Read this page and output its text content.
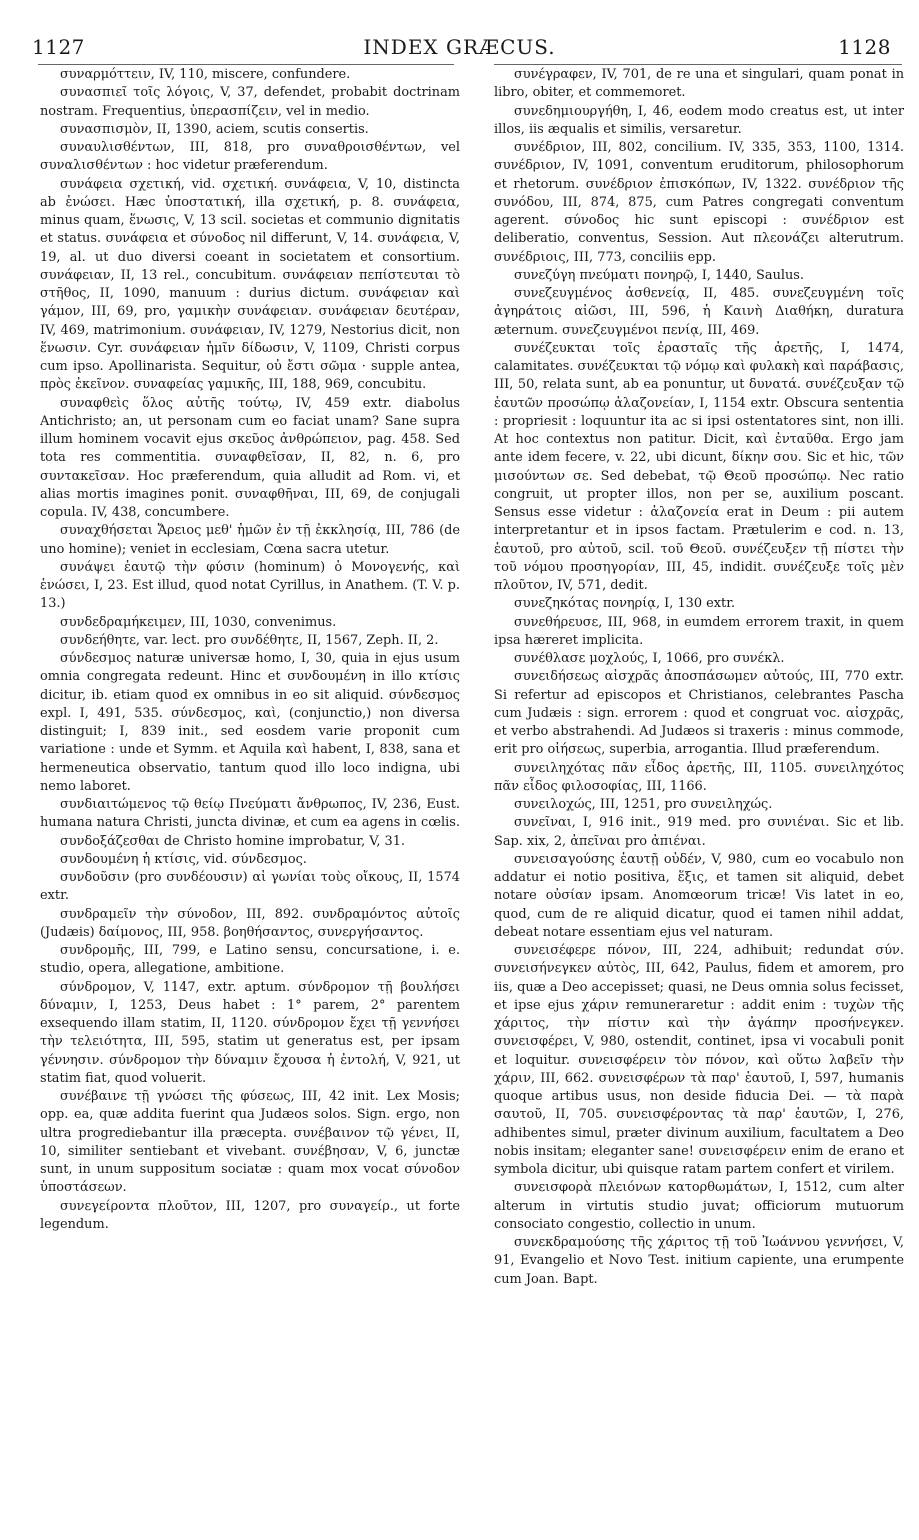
1127	INDEX GRÆCUS.	1128

συναρμόττειν, IV, 110, miscere, confundere.

συνασπιεῖ τοῖς λόγοις, V, 37, defendet, probabit doctrinam nostram. Frequentius, ὑπερασπίζειν, vel in medio.

συνασπισμὸν, II, 1390, aciem, scutis consertis.

συναυλισθέντων, III, 818, pro συναθροισθέντων, vel συναλισθέντων : hoc videtur præferendum.

συνάφεια σχετική, vid. σχετική. συνάφεια, V, 10, distincta ab ἑνώσει. Hæc ὑποστατική, illa σχετική, p. 8. συνάφεια, minus quam, ἕνωσις, V, 13 scil. societas et communio dignitatis et status. συνάφεια et σύνοδος nil differunt, V, 14. συνάφεια, V, 19, al. ut duo diversi coeant in societatem et consortium. συνάφειαν, II, 13 rel., concubitum. συνάφειαν πεπίστευται τὸ στῆθος, II, 1090, manuum : durius dictum. συνάφειαν καὶ γάμον, III, 69, pro, γαμικὴν συνάφειαν. συνάφειαν δευτέραν, IV, 469, matrimonium. συνάφειαν, IV, 1279, Nestorius dicit, non ἕνωσιν. Cyr. συνάφειαν ἡμῖν δίδωσιν, V, 1109, Christi corpus cum ipso. Apollinarista. Sequitur, οὐ ἔστι σῶμα · supple antea, πρὸς ἐκεῖνον. συναφείας γαμικῆς, III, 188, 969, concubitu.

συναφθεὶς ὅλος αὐτῆς τούτῳ, IV, 459 extr. diabolus Antichristo; an, ut personam cum eo faciat unam? Sane supra illum hominem vocavit ejus σκεῦος ἀνθρώπειον, pag. 458. Sed tota res commentitia. συναφθεῖσαν, II, 82, n. 6, pro συντακεῖσαν. Hoc præferendum, quia alludit ad Rom. vi, et alias mortis imagines ponit. συναφθῆναι, III, 69, de conjugali copula. IV, 438, concumbere.

συναχθήσεται Ἄρειος μεθ' ἡμῶν ἐν τῇ ἐκκλησίᾳ, III, 786 (de uno homine); veniet in ecclesiam, Cœna sacra utetur.

συνάψει ἑαυτῷ τὴν φύσιν (hominum) ὁ Μονογενής, καὶ ἑνώσει, I, 23. Est illud, quod notat Cyrillus, in Anathem. (T. V. p. 13.)

συνδεδραμήκειμεν, III, 1030, convenimus.

συνδεήθητε, var. lect. pro συνδέθητε, II, 1567, Zeph. II, 2.

σύνδεσμος naturæ universæ homo, I, 30, quia in ejus usum omnia congregata redeunt. Hinc et συνδουμένη in illo κτίσις dicitur, ib. etiam quod ex omnibus in eo sit aliquid. σύνδεσμος expl. I, 491, 535. σύνδεσμος, καὶ, (conjunctio,) non diversa distinguit; I, 839 init., sed eosdem varie proponit cum variatione : unde et Symm. et Aquila καὶ habent, I, 838, sana et hermeneutica observatio, tantum quod illo loco indigna, ubi nemo laboret.

συνδιαιτώμενος τῷ θείῳ Πνεύματι ἄνθρωπος, IV, 236, Eust. humana natura Christi, juncta divinæ, et cum ea agens in cœlis.

συνδοξάζεσθαι de Christo homine improbatur, V, 31.

συνδουμένη ἡ κτίσις, vid. σύνδεσμος.

συνδοῦσιν (pro συνδέουσιν) αἱ γωνίαι τοὺς οἴκους, II, 1574 extr.

συνδραμεῖν τὴν σύνοδον, III, 892. συνδραμόντος αὐτοῖς (Judæis) δαίμονος, III, 958. βοηθήσαντος, συνεργήσαντος.

συνδρομῆς, III, 799, e Latino sensu, concursatione, i. e. studio, opera, allegatione, ambitione.

σύνδρομον, V, 1147, extr. aptum. σύνδρομον τῇ βουλήσει δύναμιν, I, 1253, Deus habet : 1° parem, 2° parentem exsequendo illam statim, II, 1120. σύνδρομον ἔχει τῇ γεννήσει τὴν τελειότητα, III, 595, statim ut generatus est, per ipsam γέννησιν. σύνδρομον τὴν δύναμιν ἔχουσα ἡ ἐντολή, V, 921, ut statim fiat, quod voluerit.

συνέβαινε τῇ γνώσει τῆς φύσεως, III, 42 init. Lex Mosis; opp. ea, quæ addita fuerint qua Judæos solos. Sign. ergo, non ultra progrediebantur illa præcepta. συνέβαινον τῷ γένει, II, 10, similiter sentiebant et vivebant. συνέβησαν, V, 6, junctæ sunt, in unum suppositum sociatæ : quam mox vocat σύνοδον ὑποστάσεων.

συνεγείροντα πλοῦτον, III, 1207, pro συναγείρ., ut forte legendum.

συνέγραφεν, IV, 701, de re una et singulari, quam ponat in libro, obiter, et commemoret.

συνεδημιουργήθη, I, 46, eodem modo creatus est, ut inter illos, iis æqualis et similis, versaretur.

συνέδριον, III, 802, concilium. IV, 335, 353, 1100, 1314. συνέδριον, IV, 1091, conventum eruditorum, philosophorum et rhetorum. συνέδριον ἐπισκόπων, IV, 1322. συνέδριον τῆς συνόδου, III, 874, 875, cum Patres congregati conventum agerent. σύνοδος hic sunt episcopi : συνέδριον est deliberatio, conventus, Session. Aut πλεονάζει alterutrum. συνέδριοις, III, 773, conciliis epp.

συνεζύγη πνεύματι πονηρῷ, I, 1440, Saulus.

συνεζευγμένος ἀσθενείᾳ, II, 485. συνεζευγμένη τοῖς ἀγηράτοις αἰῶσι, III, 596, ἡ Καινὴ Διαθήκη, duratura æternum. συνεζευγμένοι πενίᾳ, III, 469.

συνέζευκται τοῖς ἐρασταῖς τῆς ἀρετῆς, I, 1474, calamitates. συνέζευκται τῷ νόμῳ καὶ φυλακὴ καὶ παράβασις, III, 50, relata sunt, ab ea ponuntur, ut δυνατά. συνέζευξαν τῷ ἑαυτῶν προσώπῳ ἀλαζονείαν, I, 1154 extr. Obscura sententia : propriesit : loquuntur ita ac si ipsi ostentatores sint, non illi. At hoc contextus non patitur. Dicit, καὶ ἐνταῦθα. Ergo jam ante idem fecere, v. 22, ubi dicunt, δίκην σου. Sic et hic, τῶν μισούντων σε. Sed debebat, τῷ Θεοῦ προσώπῳ. Nec ratio congruit, ut propter illos, non per se, auxilium poscant. Sensus esse videtur : ἀλαζονεία erat in Deum : pii autem interpretantur et in ipsos factam. Prætulerim e cod. n. 13, ἑαυτοῦ, pro αὐτοῦ, scil. τοῦ Θεοῦ. συνέζευξεν τῇ πίστει τὴν τοῦ νόμου προσηγορίαν, III, 45, indidit. συνέζευξε τοῖς μὲν πλοῦτον, IV, 571, dedit.

συνεζηκότας πονηρίᾳ, I, 130 extr.

συνεθήρευσε, III, 968, in eumdem errorem traxit, in quem ipsa hæreret implicita.

συνέθλασε μοχλούς, I, 1066, pro συνέκλ.

συνειδήσεως αἰσχρᾶς ἀποσπάσωμεν αὐτούς, III, 770 extr. Si refertur ad episcopos et Christianos, celebrantes Pascha cum Judæis : sign. errorem : quod et congruat voc. αἰσχρᾶς, et verbo abstrahendi. Ad Judæos si traxeris : minus commode, erit pro οἰήσεως, superbia, arrogantia. Illud præferendum.

συνειληχότας πᾶν εἶδος ἀρετῆς, III, 1105. συνειληχότος πᾶν εἶδος φιλοσοφίας, III, 1166.

συνειλοχώς, III, 1251, pro συνειληχώς.

συνεῖναι, I, 916 init., 919 med. pro συνιέναι. Sic et lib. Sap. xix, 2, ἀπεῖναι pro ἀπιέναι.

συνεισαγούσης ἑαυτῇ οὐδέν, V, 980, cum eo vocabulo non addatur ei notio positiva, ἕξις, et tamen sit aliquid, debet notare οὐσίαν ipsam. Anomœorum tricæ! Vis latet in eo, quod, cum de re aliquid dicatur, quod ei tamen nihil addat, debeat notare essentiam ejus vel naturam.

συνεισέφερε πόνον, III, 224, adhibuit; redundat σύν. συνεισήνεγκεν αὐτὸς, III, 642, Paulus, fidem et amorem, pro iis, quæ a Deo accepisset; quasi, ne Deus omnia solus fecisset, et ipse ejus χάριν remuneraretur : addit enim : τυχὼν τῆς χάριτος, τὴν πίστιν καὶ τὴν ἀγάπην προσήνεγκεν. συνεισφέρει, V, 980, ostendit, continet, ipsa vi vocabuli ponit et loquitur. συνεισφέρειν τὸν πόνον, καὶ οὕτω λαβεῖν τὴν χάριν, III, 662. συνεισφέρων τὰ παρ' ἑαυτοῦ, I, 597, humanis quoque artibus usus, non deside fiducia Dei. — τὰ παρὰ σαυτοῦ, II, 705. συνεισφέροντας τὰ παρ' ἑαυτῶν, I, 276, adhibentes simul, præter divinum auxilium, facultatem a Deo nobis insitam; eleganter sane! συνεισφέρειν enim de erano et symbola dicitur, ubi quisque ratam partem confert et virilem.

συνεισφορὰ πλειόνων κατορθωμάτων, I, 1512, cum alter alterum in virtutis studio juvat; officiorum mutuorum consociato congestio, collectio in unum.

συνεκδραμούσης τῆς χάριτος τῇ τοῦ Ἰωάννου γεννήσει, V, 91, Evangelio et Novo Test. initium capiente, una erumpente cum Joan. Bapt.
